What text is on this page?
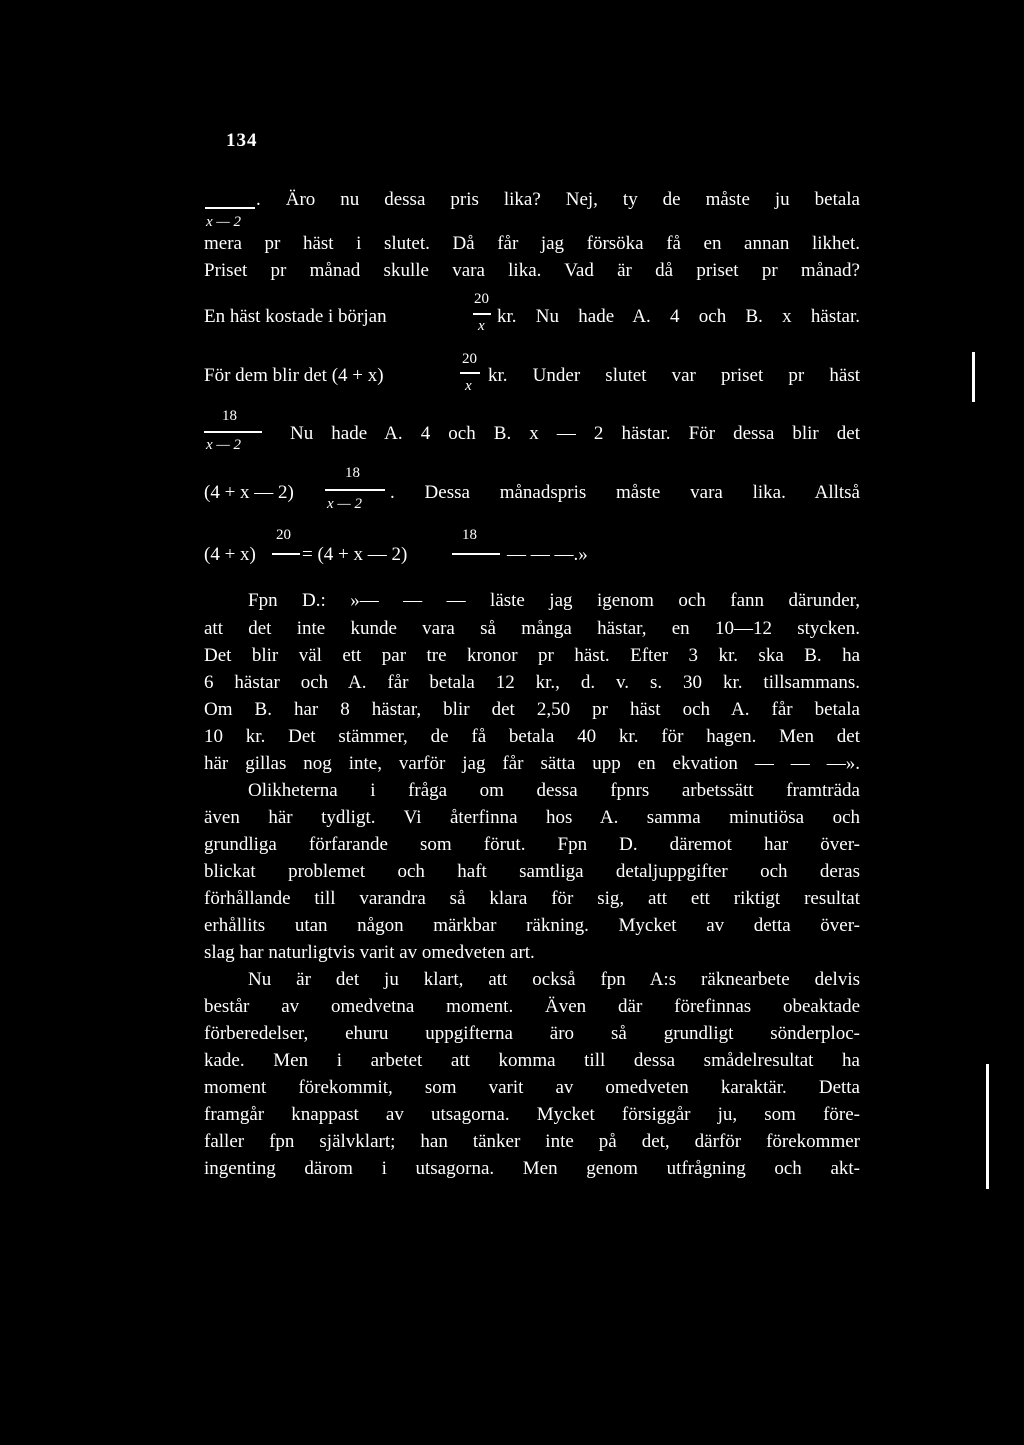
134
. Äro nu dessa pris lika? Nej, ty de måste ju betala
x — 2
mera pr häst i slutet. Då får jag försöka få en annan likhet.
Priset pr månad skulle vara lika. Vad är då priset pr månad?
En häst kostade i början
20
x kr. Nu hade A. 4 och B. x hästar.
För dem blir det (4 + x)
20
x kr. Under slutet var priset pr häst
18
x — 2
Nu hade A. 4 och B. x — 2 hästar. För dessa blir det
(4 + x — 2)
18
x — 2
. Dessa månadspris måste vara lika. Alltså
(4 + x)
20
= (4 + x — 2)
18
— — —.»
Fpn D.: »— — — läste jag igenom och fann därunder,
att det inte kunde vara så många hästar, en 10—12 stycken.
Det blir väl ett par tre kronor pr häst. Efter 3 kr. ska B. ha
6 hästar och A. får betala 12 kr., d. v. s. 30 kr. tillsammans.
Om B. har 8 hästar, blir det 2,50 pr häst och A. får betala
10 kr. Det stämmer, de få betala 40 kr. för hagen. Men det
här gillas nog inte, varför jag får sätta upp en ekvation — — —».
Olikheterna i fråga om dessa fpnrs arbetssätt framträda
även här tydligt. Vi återfinna hos A. samma minutiösa och
grundliga förfarande som förut. Fpn D. däremot har över-
blickat problemet och haft samtliga detaljuppgifter och deras
förhållande till varandra så klara för sig, att ett riktigt resultat
erhållits utan någon märkbar räkning. Mycket av detta över-
slag har naturligtvis varit av omedveten art.
Nu är det ju klart, att också fpn A:s räknearbete delvis
består av omedvetna moment. Även där förefinnas obeaktade
förberedelser, ehuru uppgifterna äro så grundligt sönderploc-
kade. Men i arbetet att komma till dessa smådelresultat ha
moment förekommit, som varit av omedveten karaktär. Detta
framgår knappast av utsagorna. Mycket försiggår ju, som före-
faller fpn självklart; han tänker inte på det, därför förekommer
ingenting därom i utsagorna. Men genom utfrågning och akt-
